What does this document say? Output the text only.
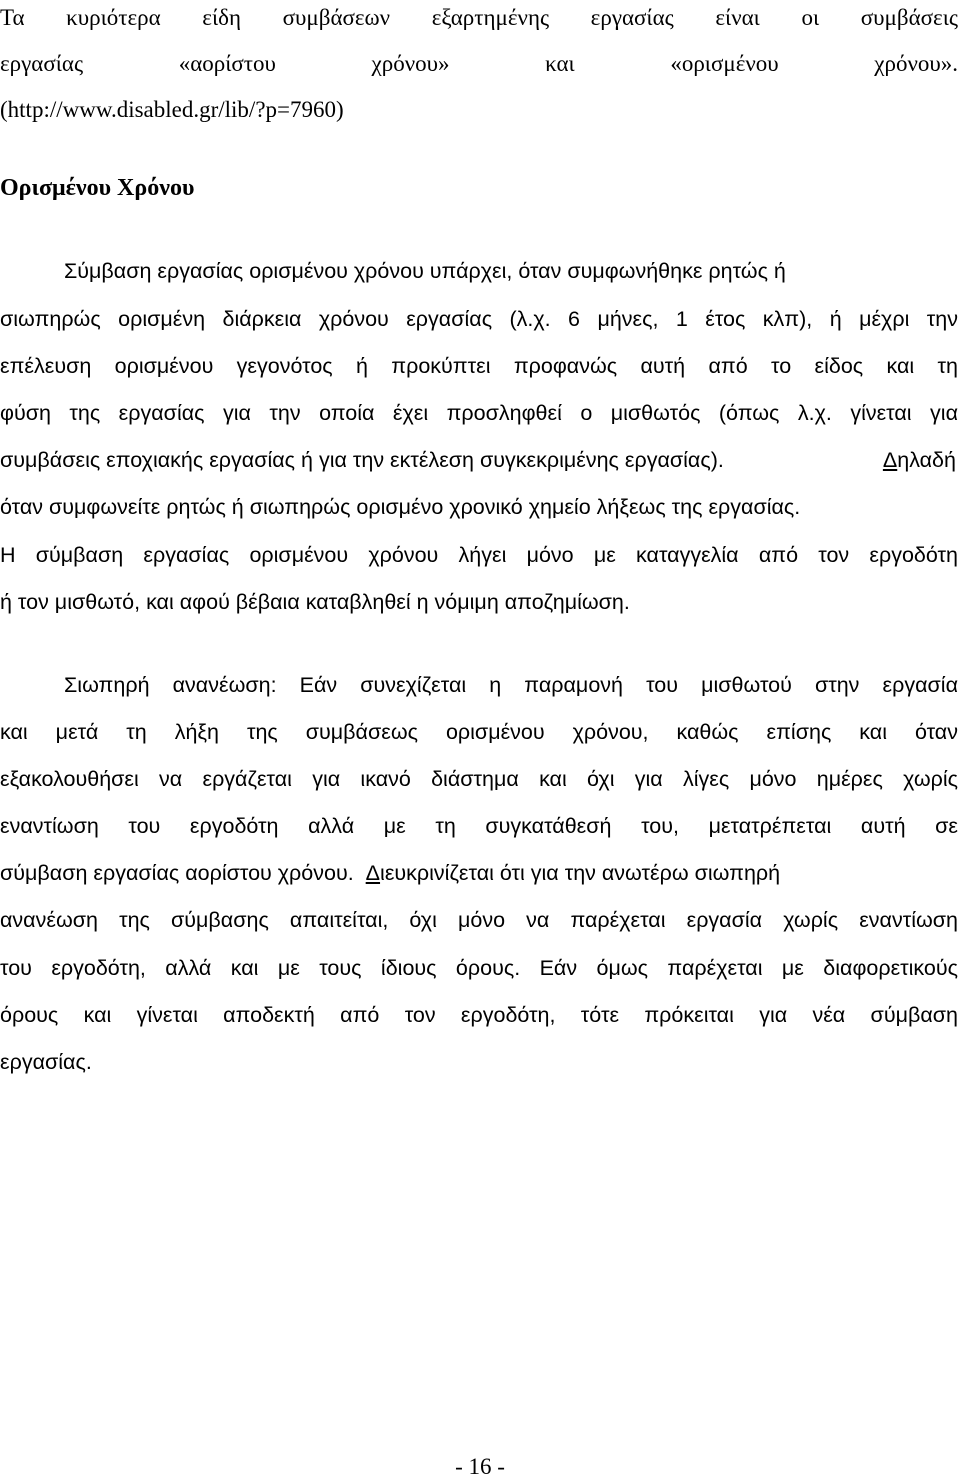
Τα κυριότερα είδη συμβάσεων εξαρτημένης εργασίας είναι οι συμβάσεις
εργασίας «αορίστου χρόνου» και «ορισμένου χρόνου».
(http://www.disabled.gr/lib/?p=7960)
Ορισμένου Χρόνου
Σύμβαση εργασίας ορισμένου χρόνου υπάρχει, όταν συμφωνήθηκε ρητώς ή
σιωπηρώς ορισμένη διάρκεια χρόνου εργασίας (λ.χ. 6 μήνες, 1 έτος κλπ), ή μέχρι την
επέλευση ορισμένου γεγονότος ή προκύπτει προφανώς αυτή από το είδος και τη
φύση της εργασίας για την οποία έχει προσληφθεί ο μισθωτός (όπως λ.χ. γίνεται για
συμβάσεις εποχιακής εργασίας ή για την εκτέλεση συγκεκριμένης εργασίας).	Δηλαδή
όταν συμφωνείτε ρητώς ή σιωπηρώς ορισμένο χρονικό χημείο λήξεως της εργασίας.
Η σύμβαση εργασίας ορισμένου χρόνου λήγει μόνο με καταγγελία από τον εργοδότη
ή τον μισθωτό, και αφού βέβαια καταβληθεί η νόμιμη αποζημίωση.
Σιωπηρή ανανέωση: Εάν συνεχίζεται η παραμονή του μισθωτού στην εργασία
και μετά τη λήξη της συμβάσεως ορισμένου χρόνου, καθώς επίσης και όταν
εξακολουθήσει να εργάζεται για ικανό διάστημα και όχι για λίγες μόνο ημέρες χωρίς
εναντίωση του εργοδότη αλλά με τη συγκατάθεσή του, μετατρέπεται αυτή σε
σύμβαση εργασίας αορίστου χρόνου. Διευκρινίζεται ότι για την ανωτέρω σιωπηρή
ανανέωση της σύμβασης απαιτείται, όχι μόνο να παρέχεται εργασία χωρίς εναντίωση
του εργοδότη, αλλά και με τους ίδιους όρους. Εάν όμως παρέχεται με διαφορετικούς
όρους και γίνεται αποδεκτή από τον εργοδότη, τότε πρόκειται για νέα σύμβαση
εργασίας.
- 16 -
